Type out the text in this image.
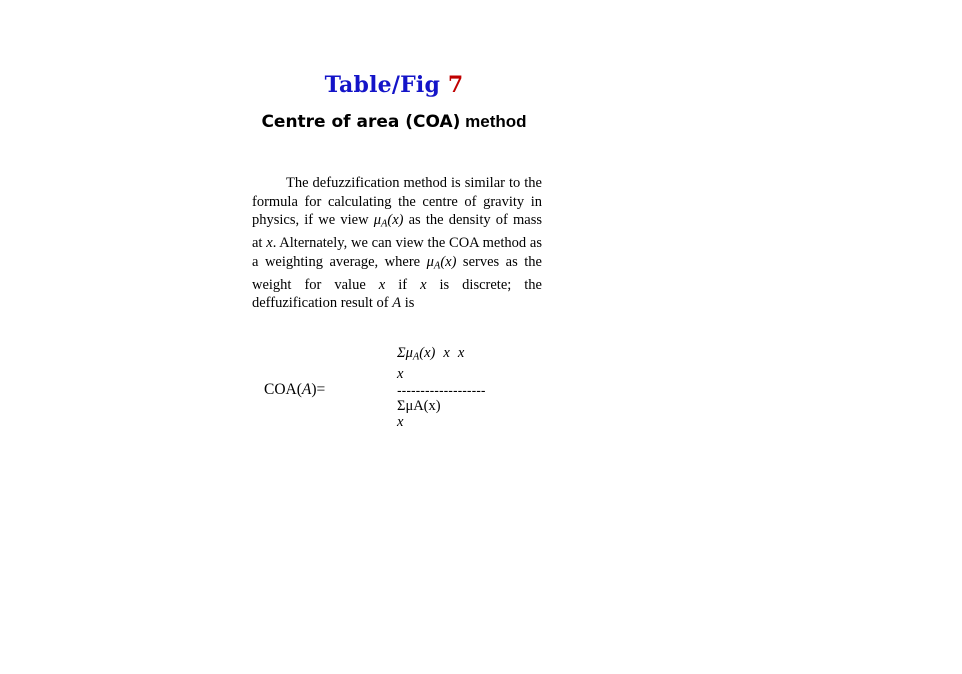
Table/Fig 7
Centre of area (COA) method
The defuzzification method is similar to the formula for calculating the centre of gravity in physics, if we view $\mu_A(x)$ as the density of mass at x. Alternately, we can view the COA method as a weighting average, where $\mu_A(x)$ serves as the weight for value x if x is discrete; the deffuzification result of A is
COA(A)=
$\Sigma\mu_A(x)$ x x
x
-------------------
ΣμA(x)
x
